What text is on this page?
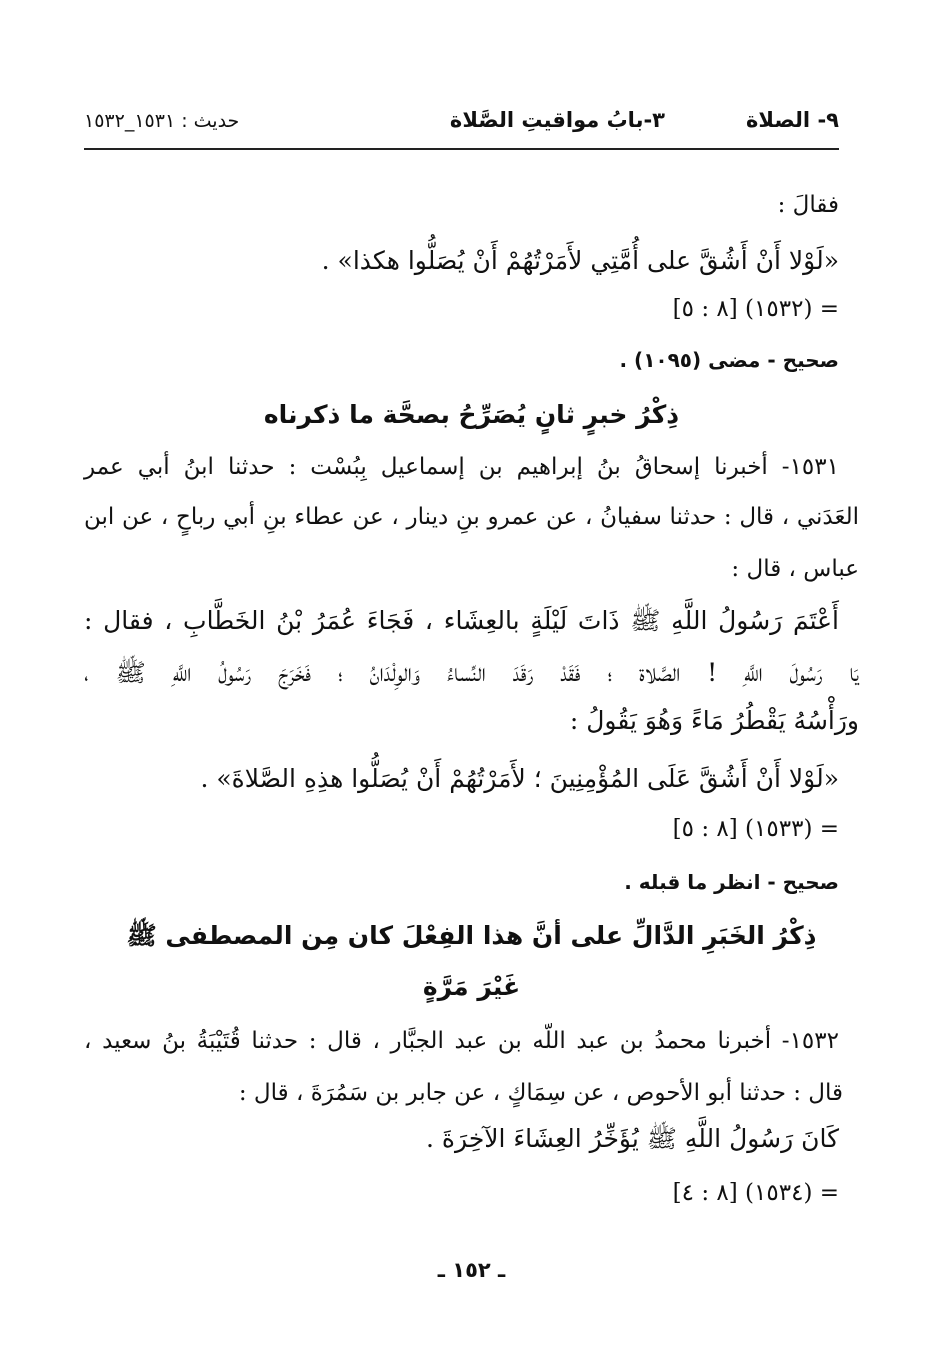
٩- الصلاة
٣-بابُ مواقيتِ الصَّلاة
حديث : ١٥٣١_١٥٣٢
فقالَ :
«لَوْلا أَنْ أَشُقَّ على أُمَّتِي لأَمَرْتُهُمْ أَنْ يُصَلُّوا هكذا» .
= (١٥٣٢) [٨ : ٥]
صحيح - مضى (١٠٩٥) .
ذِكْرُ خبرٍ ثانٍ يُصَرِّحُ بصحَّة ما ذكرناه
١٥٣١- أخبرنا إسحاقُ بنُ إبراهيم بن إسماعيل بِبُسْت : حدثنا ابنُ أبي عمر
العَدَني ، قال : حدثنا سفيانُ ، عن عمرو بنِ دينار ، عن عطاء بنِ أبي رباحٍ ، عن ابن
عباس ، قال :
أَعْتَمَ رَسُولُ اللَّهِ ﷺ ذَاتَ لَيْلَةٍ بالعِشَاء ، فَجَاءَ عُمَرُ بْنُ الخَطَّابِ ، فقال :
يَا رَسُولَ اللَّهِ ! الصَّلاة ؛ فَقَدْ رَقَدَ النِّساءُ وَالوِلْدَانُ ؛ فَخَرَجَ رَسُولُ اللَّهِ ﷺ ،
ورَأْسُهُ يَقْطُرُ مَاءً وَهُوَ يَقُولُ :
«لَوْلا أَنْ أَشُقَّ عَلَى المُؤْمِنِينَ ؛ لأَمَرْتُهُمْ أَنْ يُصَلُّوا هذِهِ الصَّلاةَ» .
= (١٥٣٣) [٨ : ٥]
صحيح - انظر ما قبله .
ذِكْرُ الخَبَرِ الدَّالِّ على أنَّ هذا الفِعْلَ كان مِن المصطفى ﷺ
غَيْرَ مَرَّةٍ
١٥٣٢- أخبرنا محمدُ بن عبد اللّه بن عبد الجبَّار ، قال : حدثنا قُتَيْبَةُ بنُ سعيد ،
قال : حدثنا أبو الأحوص ، عن سِمَاكٍ ، عن جابر بن سَمُرَةَ ، قال :
كَانَ رَسُولُ اللَّهِ ﷺ يُؤَخِّرُ العِشَاءَ الآخِرَةَ .
= (١٥٣٤) [٨ : ٤]
ـ ١٥٢ ـ
